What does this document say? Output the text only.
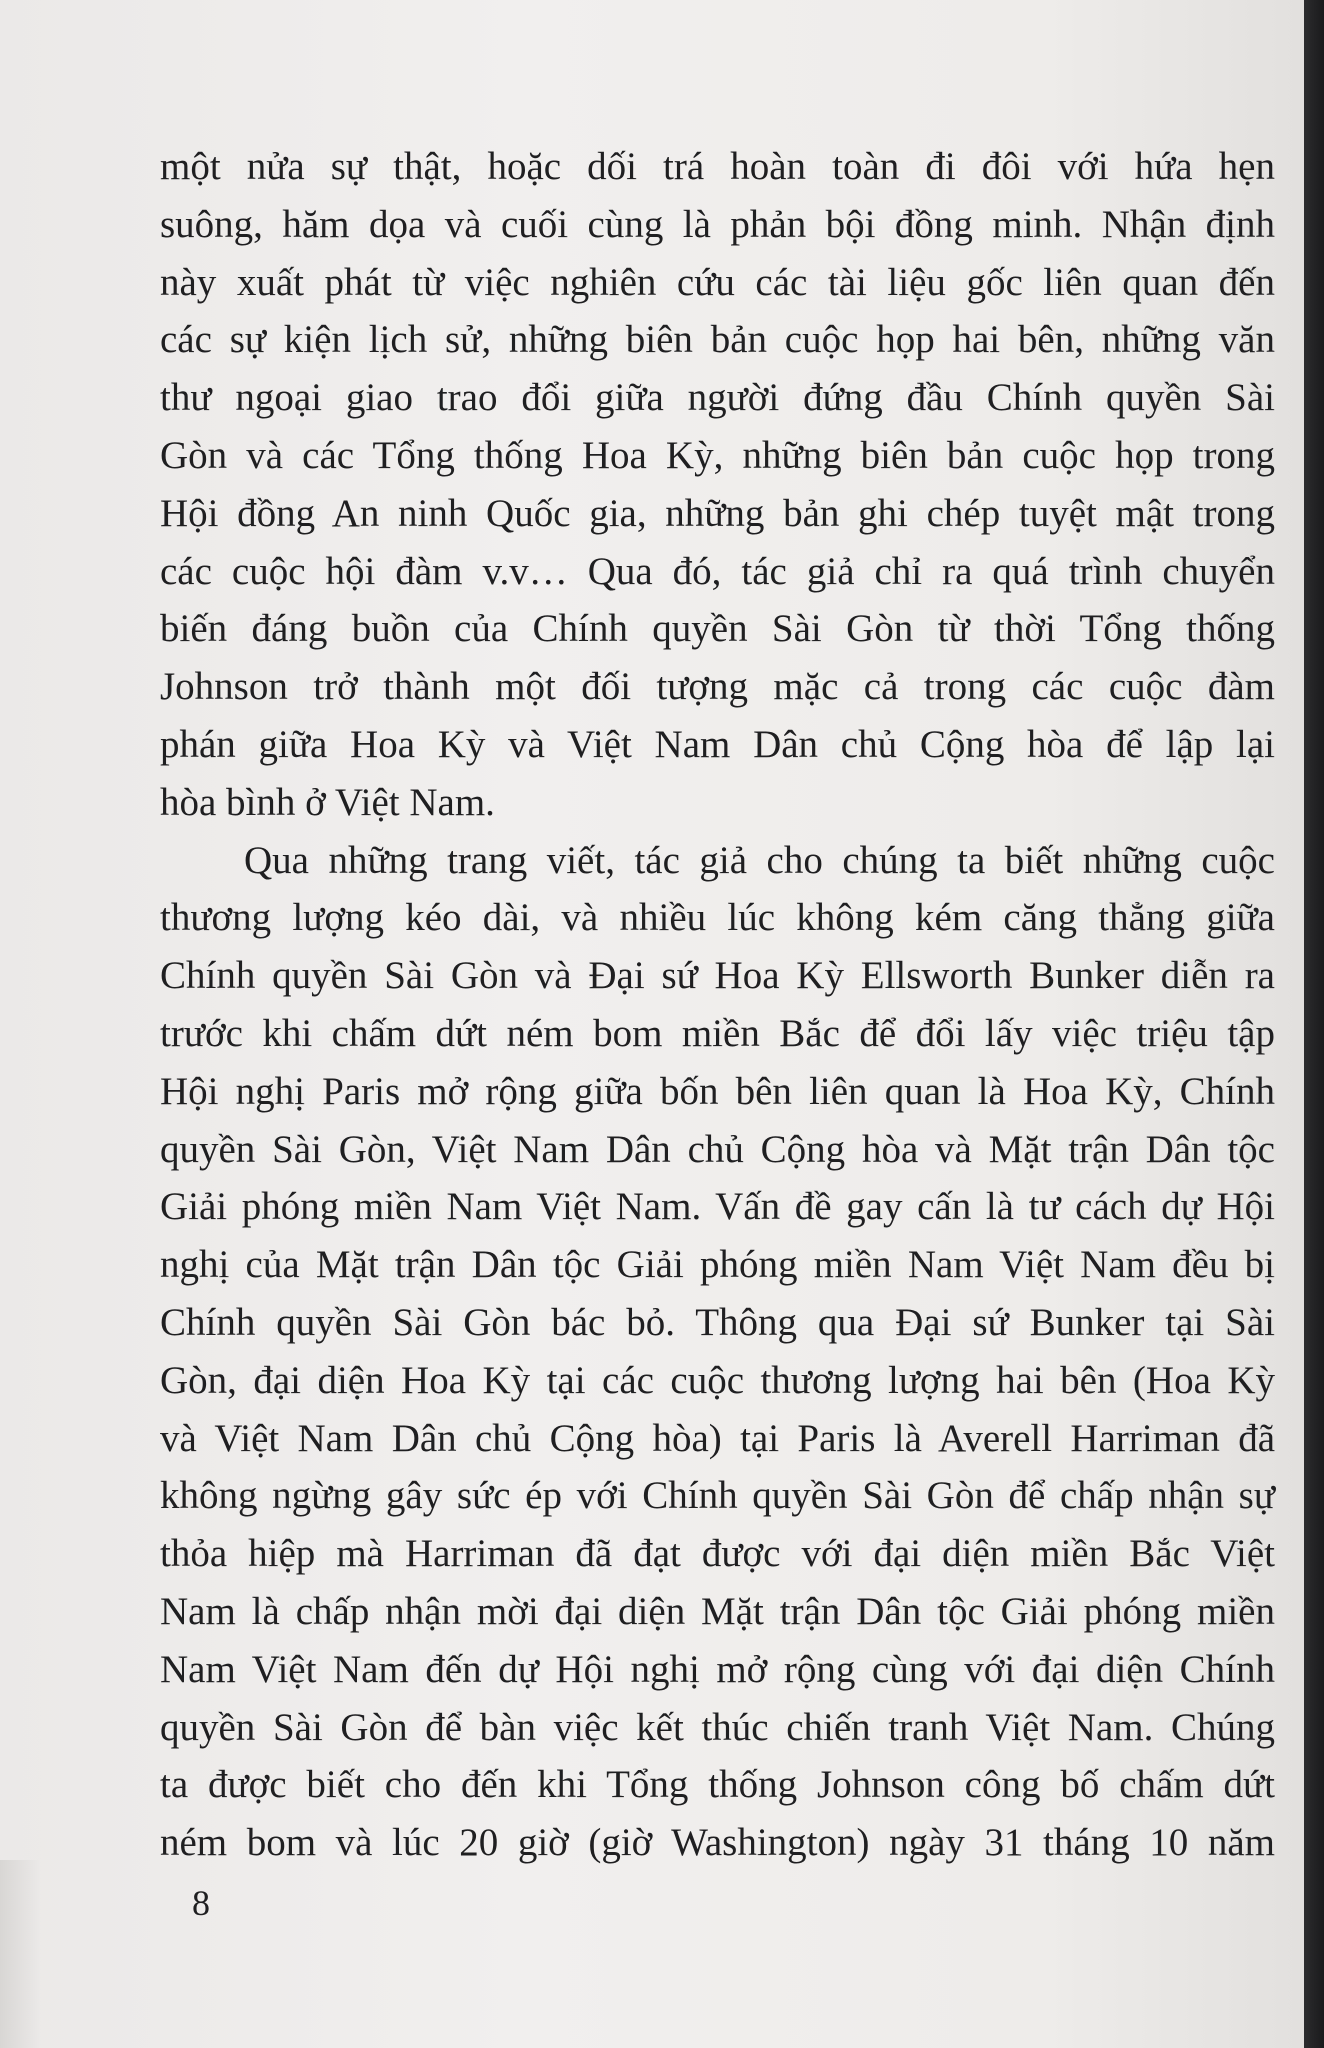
một nửa sự thật, hoặc dối trá hoàn toàn đi đôi với hứa hẹn
suông, hăm dọa và cuối cùng là phản bội đồng minh. Nhận định
này xuất phát từ việc nghiên cứu các tài liệu gốc liên quan đến
các sự kiện lịch sử, những biên bản cuộc họp hai bên, những văn
thư ngoại giao trao đổi giữa người đứng đầu Chính quyền Sài
Gòn và các Tổng thống Hoa Kỳ, những biên bản cuộc họp trong
Hội đồng An ninh Quốc gia, những bản ghi chép tuyệt mật trong
các cuộc hội đàm v.v… Qua đó, tác giả chỉ ra quá trình chuyển
biến đáng buồn của Chính quyền Sài Gòn từ thời Tổng thống
Johnson trở thành một đối tượng mặc cả trong các cuộc đàm
phán giữa Hoa Kỳ và Việt Nam Dân chủ Cộng hòa để lập lại
hòa bình ở Việt Nam.
Qua những trang viết, tác giả cho chúng ta biết những cuộc
thương lượng kéo dài, và nhiều lúc không kém căng thẳng giữa
Chính quyền Sài Gòn và Đại sứ Hoa Kỳ Ellsworth Bunker diễn ra
trước khi chấm dứt ném bom miền Bắc để đổi lấy việc triệu tập
Hội nghị Paris mở rộng giữa bốn bên liên quan là Hoa Kỳ, Chính
quyền Sài Gòn, Việt Nam Dân chủ Cộng hòa và Mặt trận Dân tộc
Giải phóng miền Nam Việt Nam. Vấn đề gay cấn là tư cách dự Hội
nghị của Mặt trận Dân tộc Giải phóng miền Nam Việt Nam đều bị
Chính quyền Sài Gòn bác bỏ. Thông qua Đại sứ Bunker tại Sài
Gòn, đại diện Hoa Kỳ tại các cuộc thương lượng hai bên (Hoa Kỳ
và Việt Nam Dân chủ Cộng hòa) tại Paris là Averell Harriman đã
không ngừng gây sức ép với Chính quyền Sài Gòn để chấp nhận sự
thỏa hiệp mà Harriman đã đạt được với đại diện miền Bắc Việt
Nam là chấp nhận mời đại diện Mặt trận Dân tộc Giải phóng miền
Nam Việt Nam đến dự Hội nghị mở rộng cùng với đại diện Chính
quyền Sài Gòn để bàn việc kết thúc chiến tranh Việt Nam. Chúng
ta được biết cho đến khi Tổng thống Johnson công bố chấm dứt
ném bom và lúc 20 giờ (giờ Washington) ngày 31 tháng 10 năm
8
